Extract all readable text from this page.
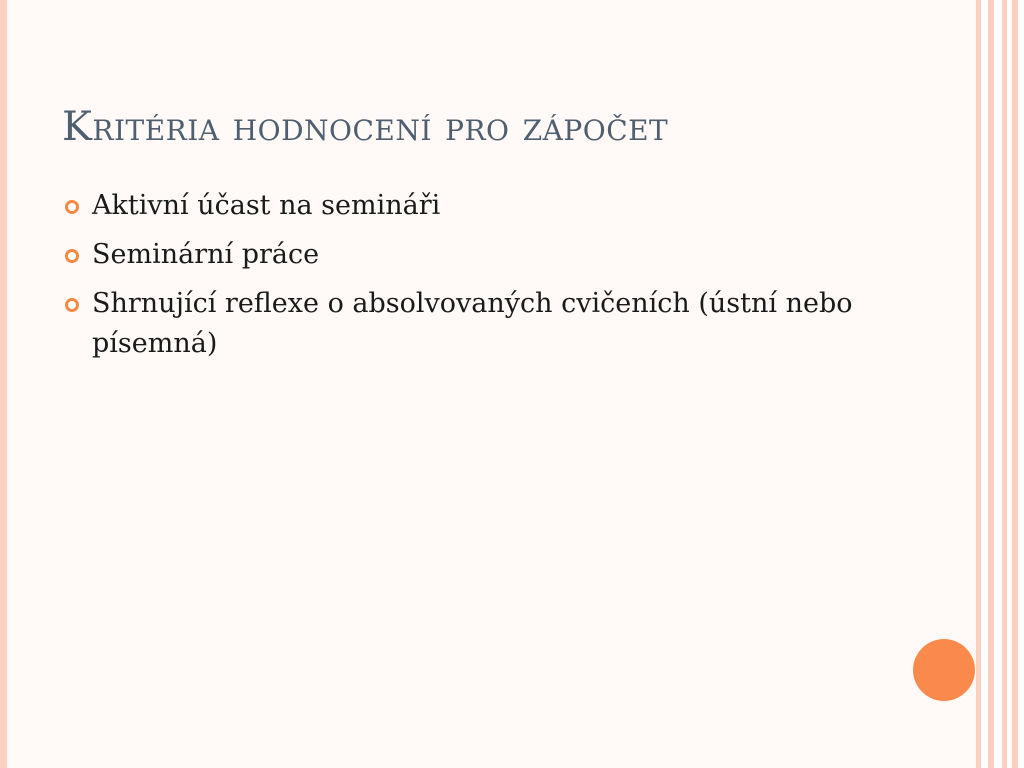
Kritéria hodnocení pro zápočet
Aktivní účast na semináři
Seminární práce
Shrnující reflexe o absolvovaných cvičeních (ústní nebo písemná)
